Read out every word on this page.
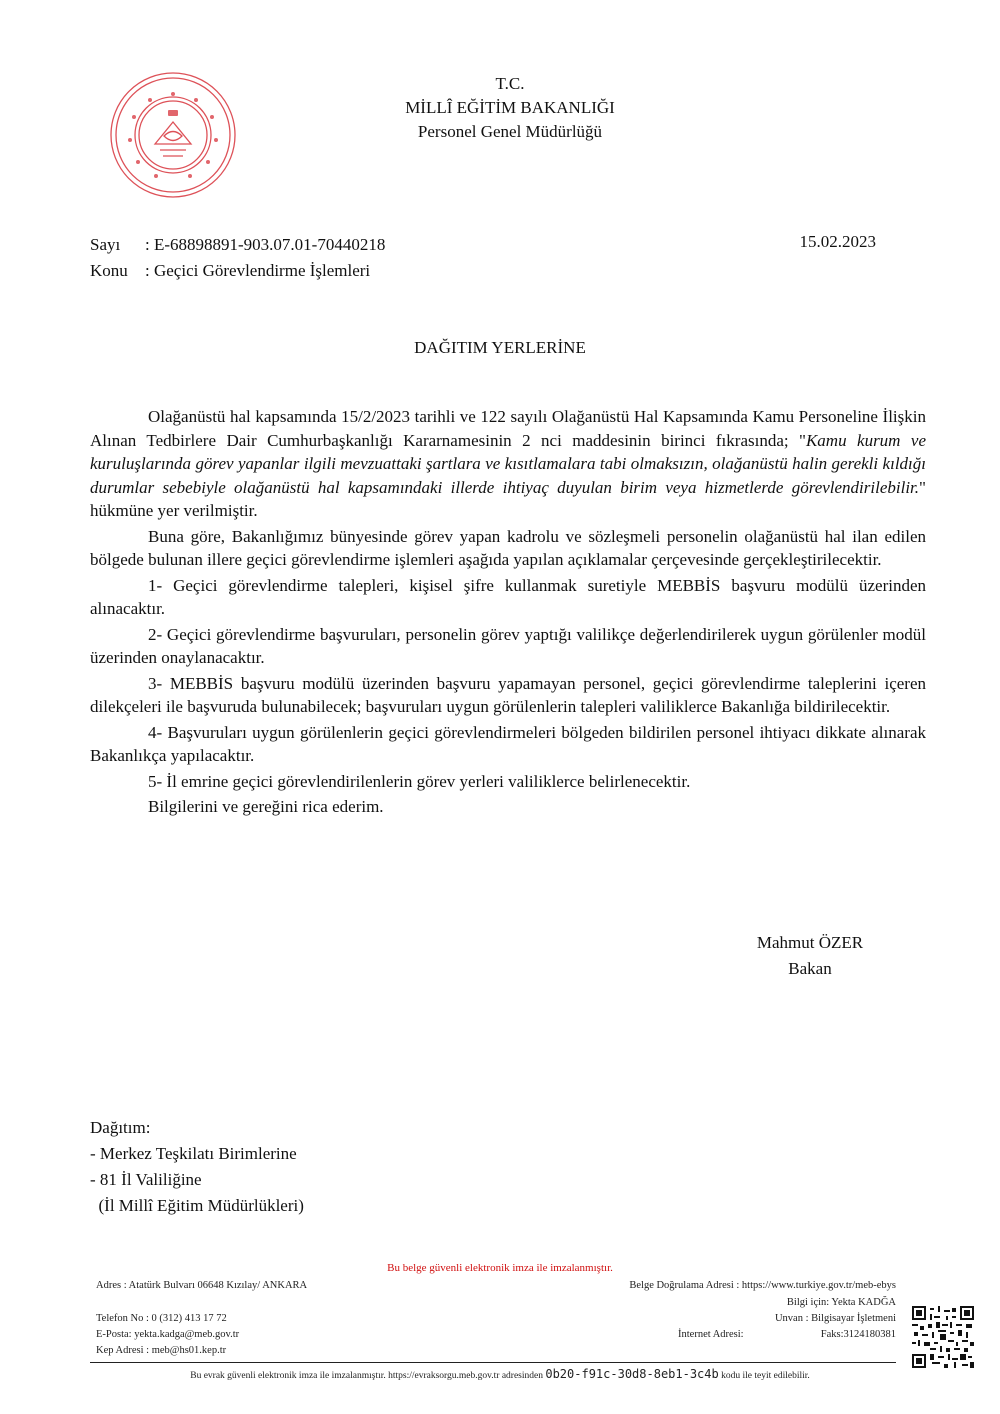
T.C.
MİLLÎ EĞİTİM BAKANLIĞI
Personel Genel Müdürlüğü
Sayı : E-68898891-903.07.01-70440218
Konu : Geçici Görevlendirme İşlemleri
15.02.2023
DAĞITIM YERLERİNE

Olağanüstü hal kapsamında 15/2/2023 tarihli ve 122 sayılı Olağanüstü Hal Kapsamında Kamu Personeline İlişkin Alınan Tedbirlere Dair Cumhurbaşkanlığı Kararnamesinin 2 nci maddesinin birinci fıkrasında; "Kamu kurum ve kuruluşlarında görev yapanlar ilgili mevzuattaki şartlara ve kısıtlamalara tabi olmaksızın, olağanüstü halin gerekli kıldığı durumlar sebebiyle olağanüstü hal kapsamındaki illerde ihtiyaç duyulan birim veya hizmetlerde görevlendirilebilir." hükmüne yer verilmiştir.

Buna göre, Bakanlığımız bünyesinde görev yapan kadrolu ve sözleşmeli personelin olağanüstü hal ilan edilen bölgede bulunan illere geçici görevlendirme işlemleri aşağıda yapılan açıklamalar çerçevesinde gerçekleştirilecektir.

1- Geçici görevlendirme talepleri, kişisel şifre kullanmak suretiyle MEBBİS başvuru modülü üzerinden alınacaktır.

2- Geçici görevlendirme başvuruları, personelin görev yaptığı valilikçe değerlendirilerek uygun görülenler modül üzerinden onaylanacaktır.

3- MEBBİS başvuru modülü üzerinden başvuru yapamayan personel, geçici görevlendirme taleplerini içeren dilekçeleri ile başvuruda bulunabilecek; başvuruları uygun görülenlerin talepleri valiliklerce Bakanlığa bildirilecektir.

4- Başvuruları uygun görülenlerin geçici görevlendirmeleri bölgeden bildirilen personel ihtiyacı dikkate alınarak Bakanlıkça yapılacaktır.

5- İl emrine geçici görevlendirilenlerin görev yerleri valiliklerce belirlenecektir.

Bilgilerini ve gereğini rica ederim.

Mahmut ÖZER
Bakan
Dağıtım:
- Merkez Teşkilatı Birimlerine
- 81 İl Valiliğine
(İl Millî Eğitim Müdürlükleri)
Bu belge güvenli elektronik imza ile imzalanmıştır.
Adres : Atatürk Bulvarı 06648 Kızılay/ ANKARA	Belge Doğrulama Adresi : https://www.turkiye.gov.tr/meb-ebys
Bilgi için: Yekta KADĞA
Telefon No : 0 (312) 413 17 72	Unvan : Bilgisayar İşletmeni
E-Posta: yekta.kadga@meb.gov.tr	İnternet Adresi:	Faks:3124180381
Kep Adresi : meb@hs01.kep.tr
Bu evrak güvenli elektronik imza ile imzalanmıştır. https://evraksorgu.meb.gov.tr adresinden 0b20-f91c-30d8-8eb1-3c4b kodu ile teyit edilebilir.
